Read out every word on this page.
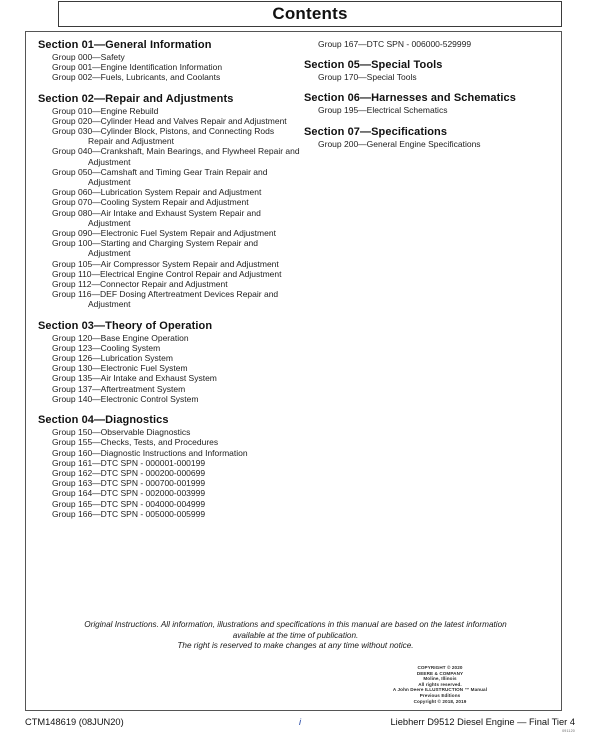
Contents
Section 01—General Information
Group 000—Safety
Group 001—Engine Identification Information
Group 002—Fuels, Lubricants, and Coolants
Section 02—Repair and Adjustments
Group 010—Engine Rebuild
Group 020—Cylinder Head and Valves Repair and Adjustment
Group 030—Cylinder Block, Pistons, and Connecting Rods Repair and Adjustment
Group 040—Crankshaft, Main Bearings, and Flywheel Repair and Adjustment
Group 050—Camshaft and Timing Gear Train Repair and Adjustment
Group 060—Lubrication System Repair and Adjustment
Group 070—Cooling System Repair and Adjustment
Group 080—Air Intake and Exhaust System Repair and Adjustment
Group 090—Electronic Fuel System Repair and Adjustment
Group 100—Starting and Charging System Repair and Adjustment
Group 105—Air Compressor System Repair and Adjustment
Group 110—Electrical Engine Control Repair and Adjustment
Group 112—Connector Repair and Adjustment
Group 116—DEF Dosing Aftertreatment Devices Repair and Adjustment
Section 03—Theory of Operation
Group 120—Base Engine Operation
Group 123—Cooling System
Group 126—Lubrication System
Group 130—Electronic Fuel System
Group 135—Air Intake and Exhaust System
Group 137—Aftertreatment System
Group 140—Electronic Control System
Section 04—Diagnostics
Group 150—Observable Diagnostics
Group 155—Checks, Tests, and Procedures
Group 160—Diagnostic Instructions and Information
Group 161—DTC SPN - 000001-000199
Group 162—DTC SPN - 000200-000699
Group 163—DTC SPN - 000700-001999
Group 164—DTC SPN - 002000-003999
Group 165—DTC SPN - 004000-004999
Group 166—DTC SPN - 005000-005999
Group 167—DTC SPN - 006000-529999
Section 05—Special Tools
Group 170—Special Tools
Section 06—Harnesses and Schematics
Group 195—Electrical Schematics
Section 07—Specifications
Group 200—General Engine Specifications
Original Instructions. All information, illustrations and specifications in this manual are based on the latest information available at the time of publication.
The right is reserved to make changes at any time without notice.
COPYRIGHT © 2020
DEERE & COMPANY
Moline, Illinois
All rights reserved.
A John Deere ILLUSTRUCTION ™ Manual
Previous Editions
Copyright © 2018, 2019
CTM148619 (08JUN20)	i	Liebherr D9512 Diesel Engine — Final Tier 4
091120
